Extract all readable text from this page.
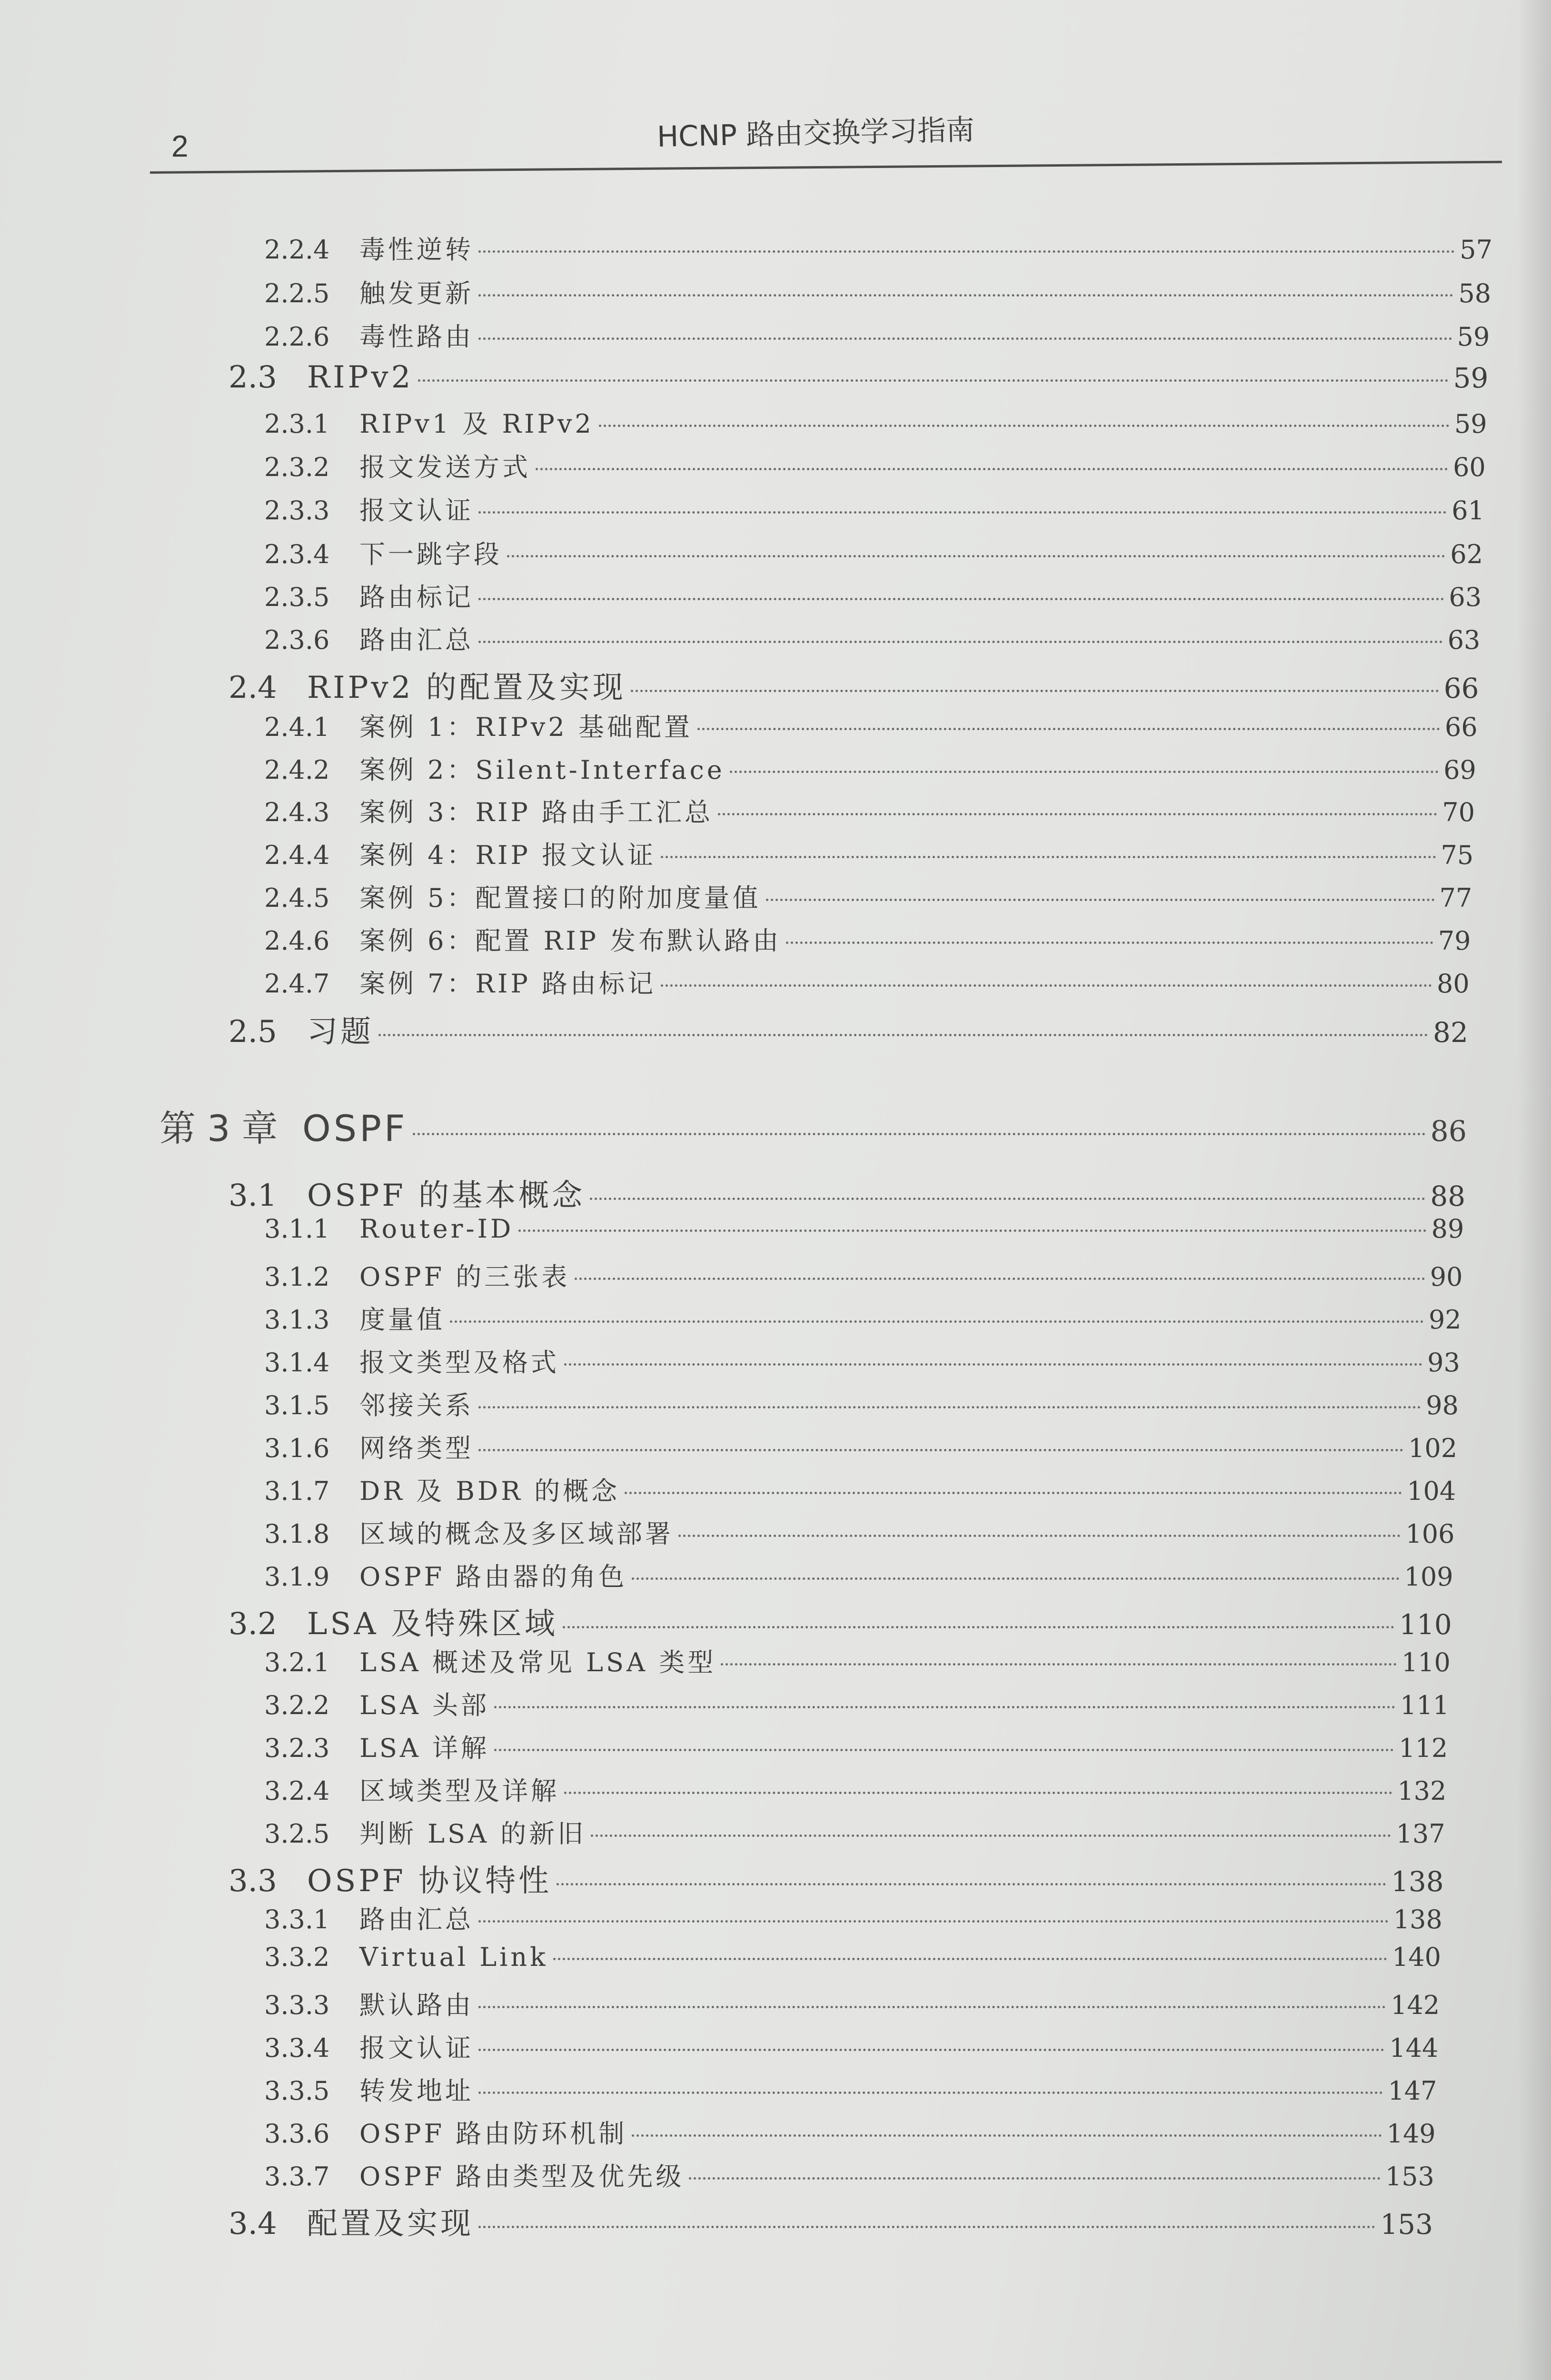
2	HCNP 路由交换学习指南
2.2.4	毒性逆转	57
2.2.5	触发更新	58
2.2.6	毒性路由	59
2.3 RIPv2	59
2.3.1	RIPv1 及 RIPv2	59
2.3.2	报文发送方式	60
2.3.3	报文认证	61
2.3.4	下一跳字段	62
2.3.5	路由标记	63
2.3.6	路由汇总	63
2.4 RIPv2 的配置及实现	66
2.4.1	案例 1：RIPv2 基础配置	66
2.4.2	案例 2：Silent-Interface	69
2.4.3	案例 3：RIP 路由手工汇总	70
2.4.4	案例 4：RIP 报文认证	75
2.4.5	案例 5：配置接口的附加度量值	77
2.4.6	案例 6：配置 RIP 发布默认路由	79
2.4.7	案例 7：RIP 路由标记	80
2.5 习题	82
第 3 章 OSPF	86
3.1 OSPF 的基本概念	88
3.1.1	Router-ID	89
3.1.2	OSPF 的三张表	90
3.1.3	度量值	92
3.1.4	报文类型及格式	93
3.1.5	邻接关系	98
3.1.6	网络类型	102
3.1.7	DR 及 BDR 的概念	104
3.1.8	区域的概念及多区域部署	106
3.1.9	OSPF 路由器的角色	109
3.2 LSA 及特殊区域	110
3.2.1	LSA 概述及常见 LSA 类型	110
3.2.2	LSA 头部	111
3.2.3	LSA 详解	112
3.2.4	区域类型及详解	132
3.2.5	判断 LSA 的新旧	137
3.3 OSPF 协议特性	138
3.3.1	路由汇总	138
3.3.2	Virtual Link	140
3.3.3	默认路由	142
3.3.4	报文认证	144
3.3.5	转发地址	147
3.3.6	OSPF 路由防环机制	149
3.3.7	OSPF 路由类型及优先级	153
3.4 配置及实现	153
